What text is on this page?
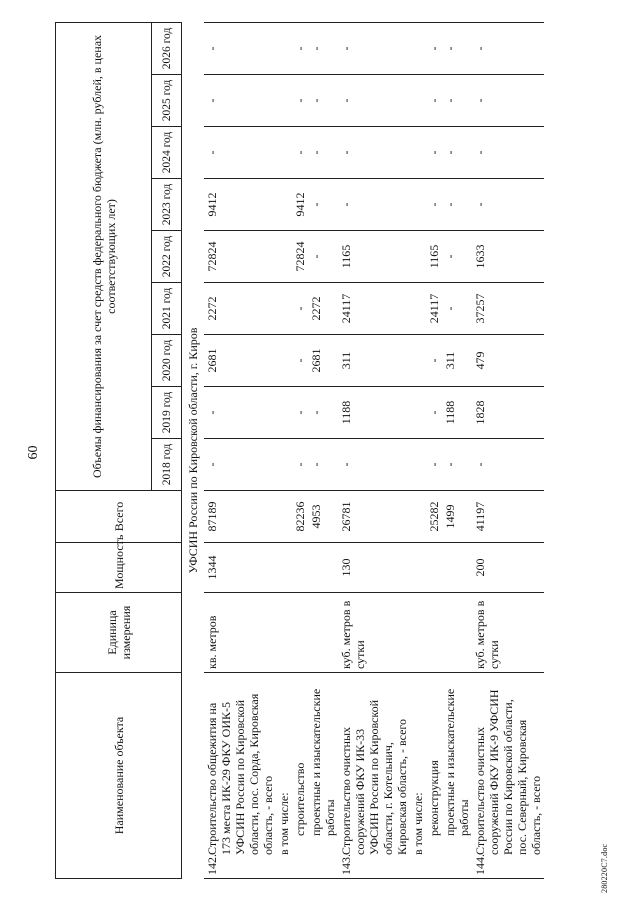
60
Наименование объекта	Единица измерения	Мощность	Всего	Объемы финансирования за счет средств федерального бюджета (млн. рублей, в ценах соответствующих лет)								
				2018 год	2019 год	2020 год	2021 год	2022 год	2023 год	2024 год	2025 год	2026 год
УФСИН России по Кировской области, г. Киров												
142.Строительство общежития на 173 места ИК-29 ФКУ ОИК-5 УФСИН России по Кировской области, пос. Сорда, Кировская область, - всего	кв. метров	1344	87189	-	-	2681	2272	72824	9412	-	-	-
в том числе:												
строительство			82236	-	-	-	-	72824	9412	-	-	-
проектные и изыскательские работы			4953	-	-	2681	2272	-	-	-	-	-
143.Строительство очистных сооружений ФКУ ИК-33 УФСИН России по Кировской области, г. Котельнич, Кировская область, - всего	куб. метров в сутки	130	26781	-	1188	311	24117	1165	-	-	-	-
в том числе:												
реконструкция			25282	-	-	-	24117	1165	-	-	-	-
проектные и изыскательские работы			1499	-	1188	311	-	-	-	-	-	-
144.Строительство очистных сооружений ФКУ ИК-9 УФСИН России по Кировской области, пос. Северный, Кировская область, - всего	куб. метров в сутки	200	41197	-	1828	479	37257	1633	-	-	-	-
280220C7.doc
